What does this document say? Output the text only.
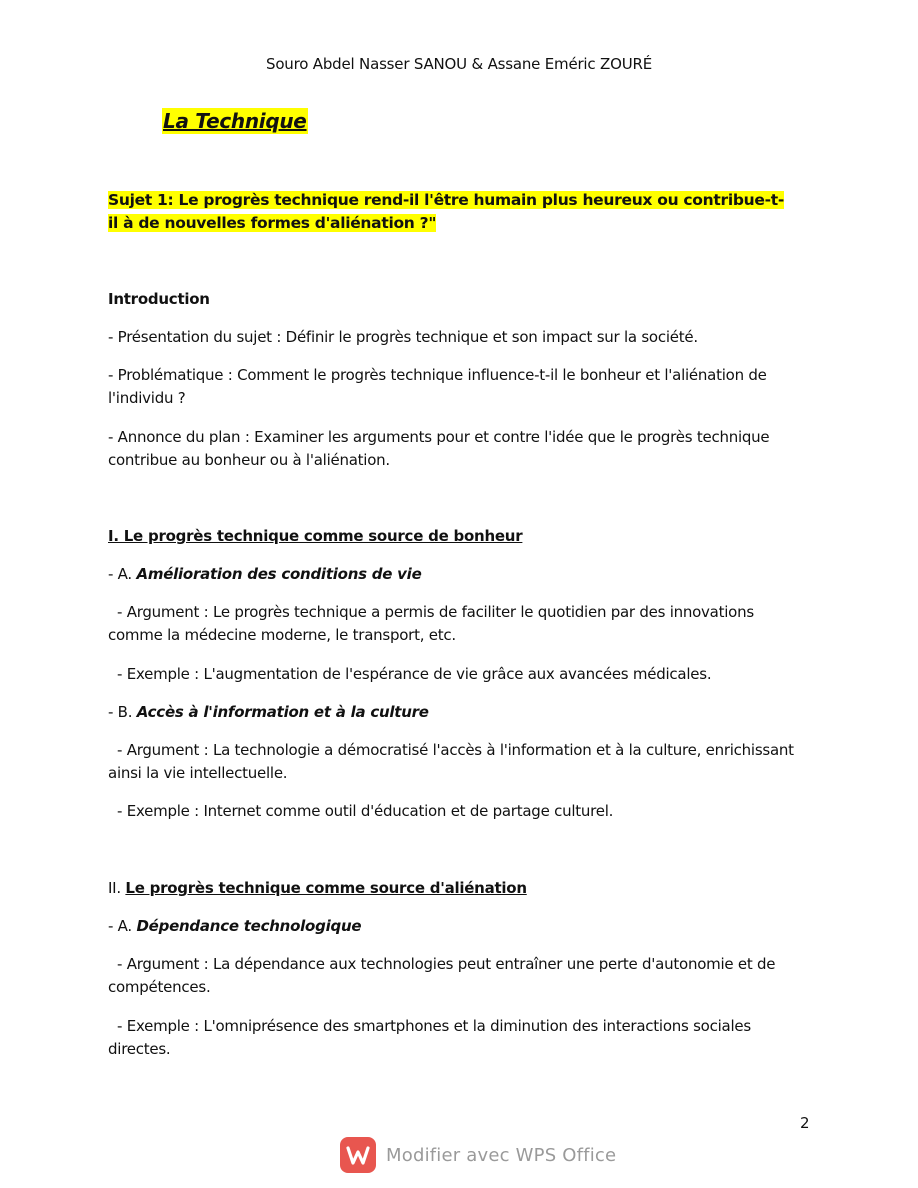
Souro Abdel Nasser SANOU & Assane Eméric ZOURÉ
La Technique
Sujet 1: Le progrès technique rend-il l'être humain plus heureux ou contribue-t-il à de nouvelles formes d'aliénation ?"
Introduction
- Présentation du sujet : Définir le progrès technique et son impact sur la société.
- Problématique : Comment le progrès technique influence-t-il le bonheur et l'aliénation de l'individu ?
- Annonce du plan : Examiner les arguments pour et contre l'idée que le progrès technique contribue au bonheur ou à l'aliénation.
I. Le progrès technique comme source de bonheur
- A. Amélioration des conditions de vie
- Argument : Le progrès technique a permis de faciliter le quotidien par des innovations comme la médecine moderne, le transport, etc.
- Exemple : L'augmentation de l'espérance de vie grâce aux avancées médicales.
- B. Accès à l'information et à la culture
- Argument : La technologie a démocratisé l'accès à l'information et à la culture, enrichissant ainsi la vie intellectuelle.
- Exemple : Internet comme outil d'éducation et de partage culturel.
II. Le progrès technique comme source d'aliénation
- A. Dépendance technologique
- Argument : La dépendance aux technologies peut entraîner une perte d'autonomie et de compétences.
- Exemple : L'omniprésence des smartphones et la diminution des interactions sociales directes.
2
Modifier avec WPS Office
